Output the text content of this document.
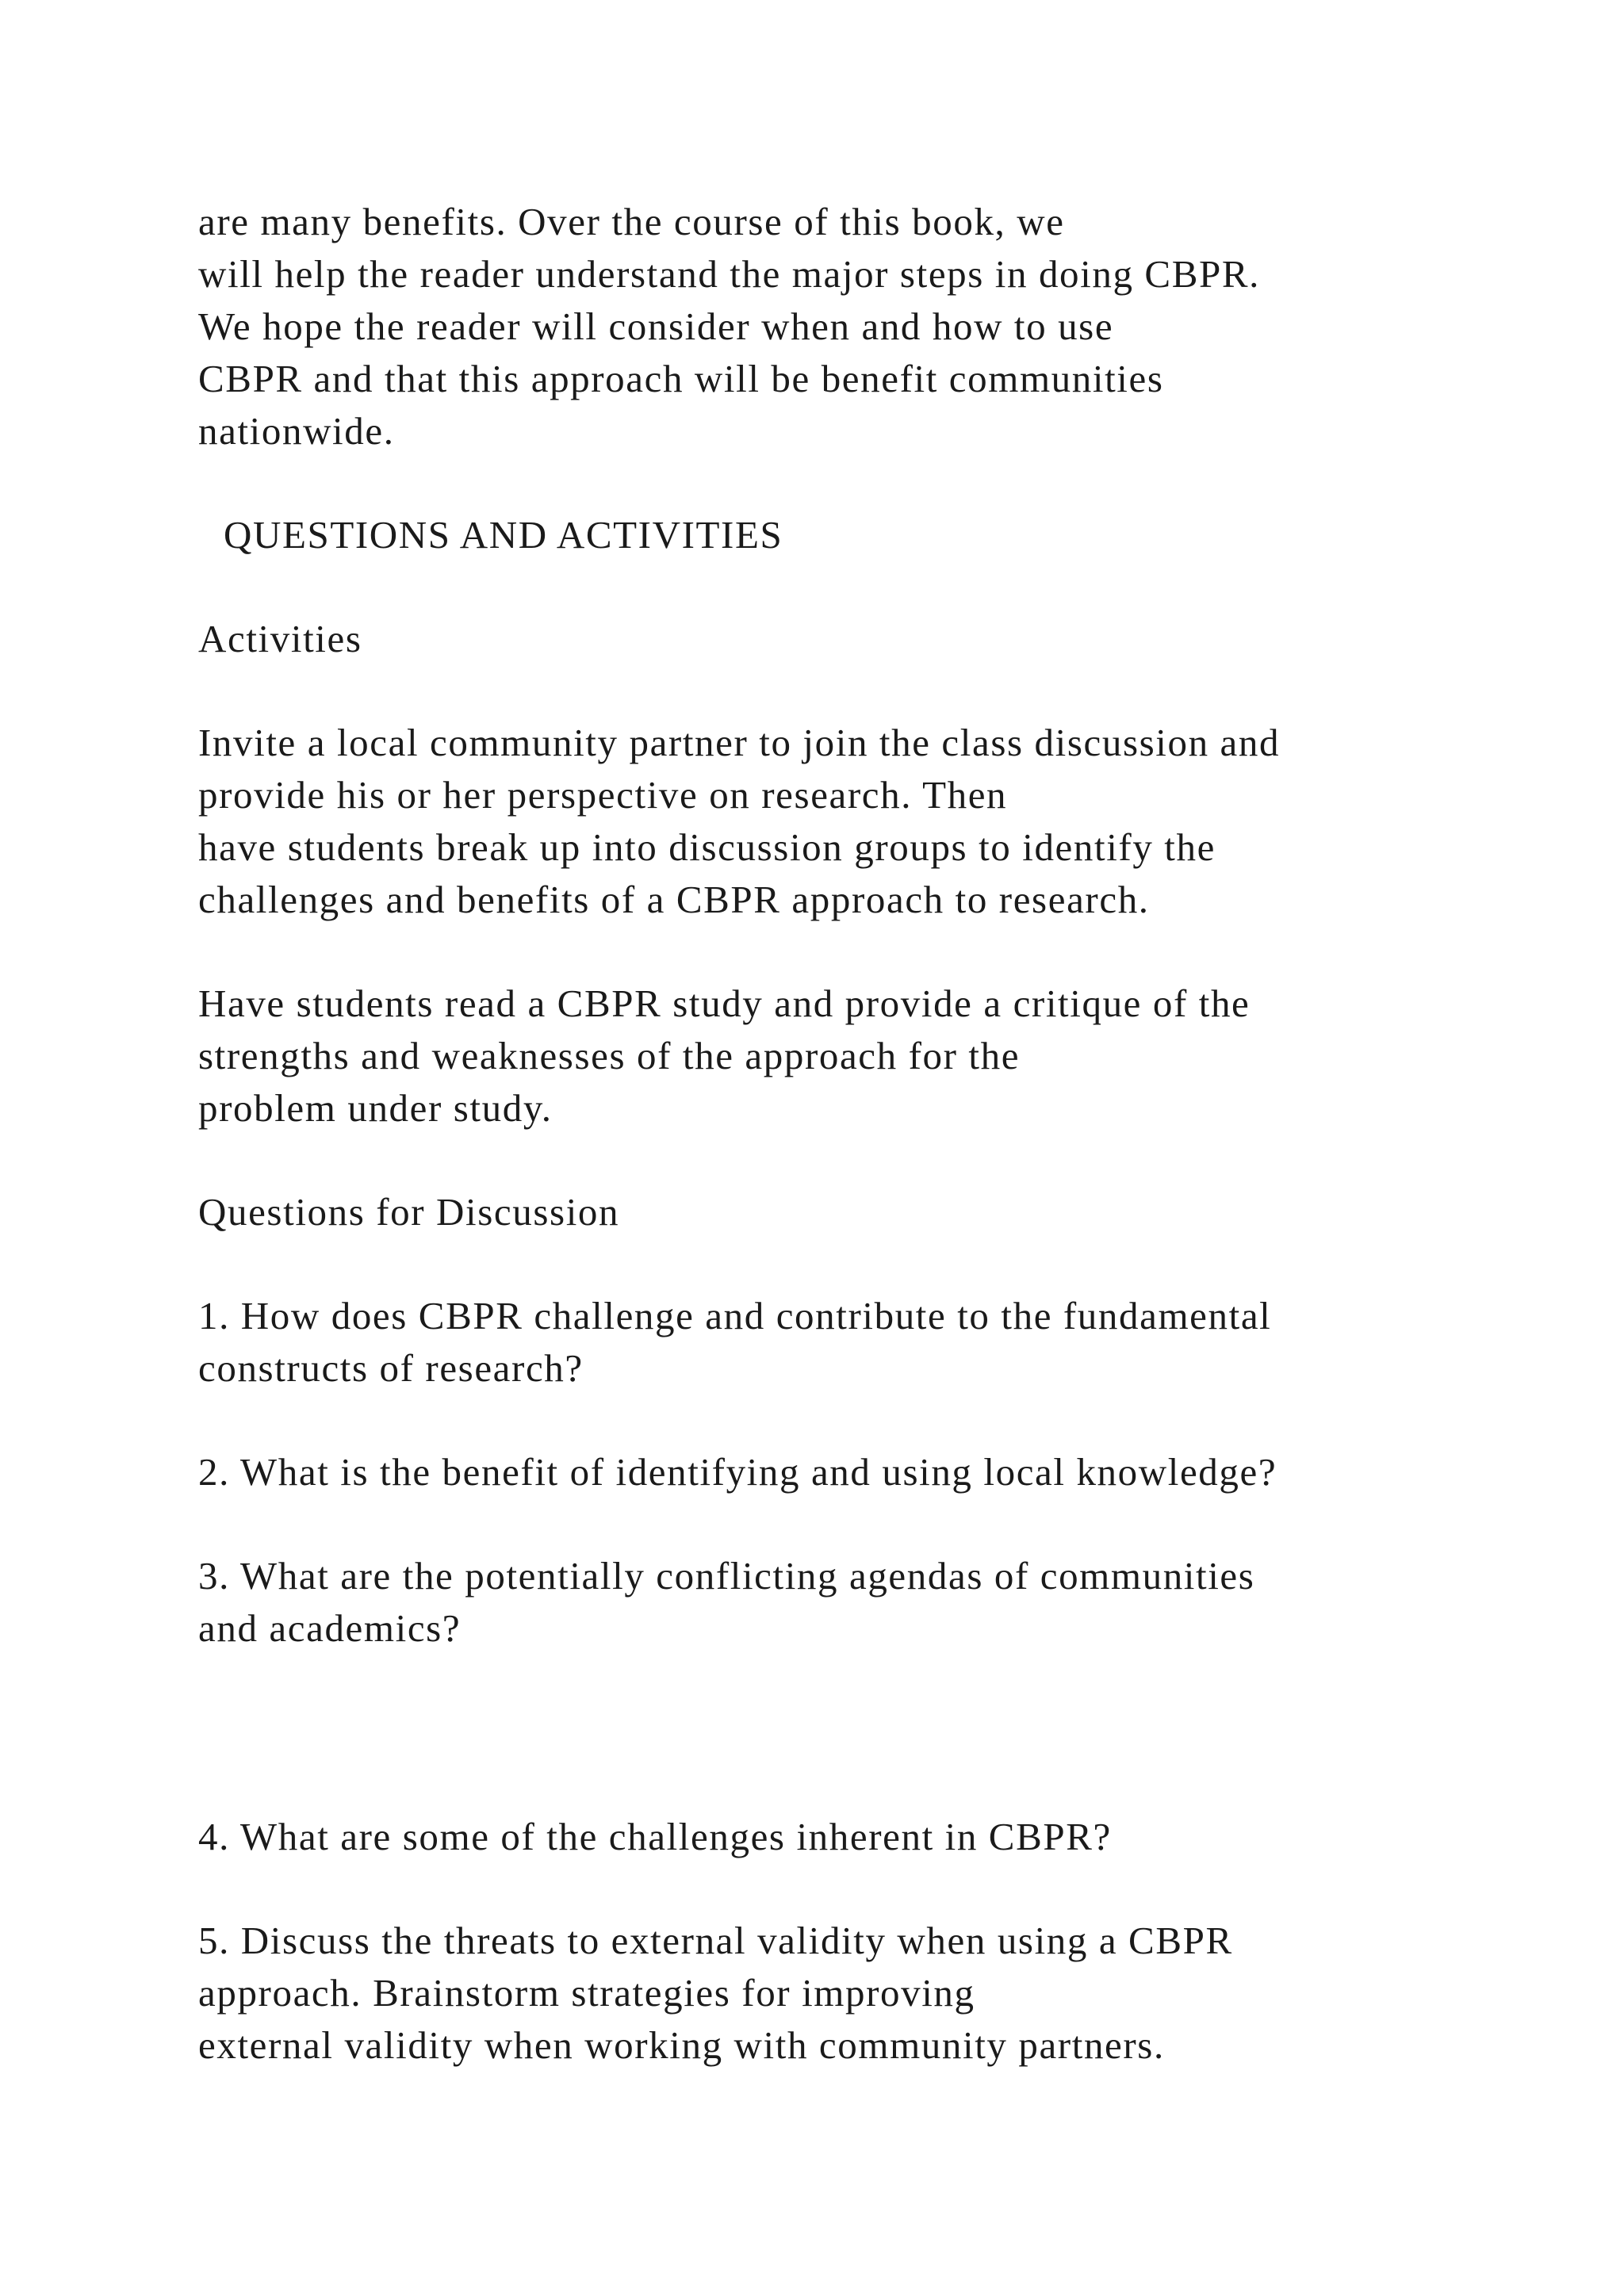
are many benefits. Over the course of this book, we

will help the reader understand the major steps in doing CBPR.

We hope the reader will consider when and how to use

CBPR and that this approach will be benefit communities

nationwide.

QUESTIONS AND ACTIVITIES

Activities

Invite a local community partner to join the class discussion and

provide his or her perspective on research. Then

have students break up into discussion groups to identify the

challenges and benefits of a CBPR approach to research.

Have students read a CBPR study and provide a critique of the

strengths and weaknesses of the approach for the

problem under study.

Questions for Discussion

1. How does CBPR challenge and contribute to the fundamental

constructs of research?

2. What is the benefit of identifying and using local knowledge?

3. What are the potentially conflicting agendas of communities

and academics?

4. What are some of the challenges inherent in CBPR?

5. Discuss the threats to external validity when using a CBPR

approach. Brainstorm strategies for improving

external validity when working with community partners.
